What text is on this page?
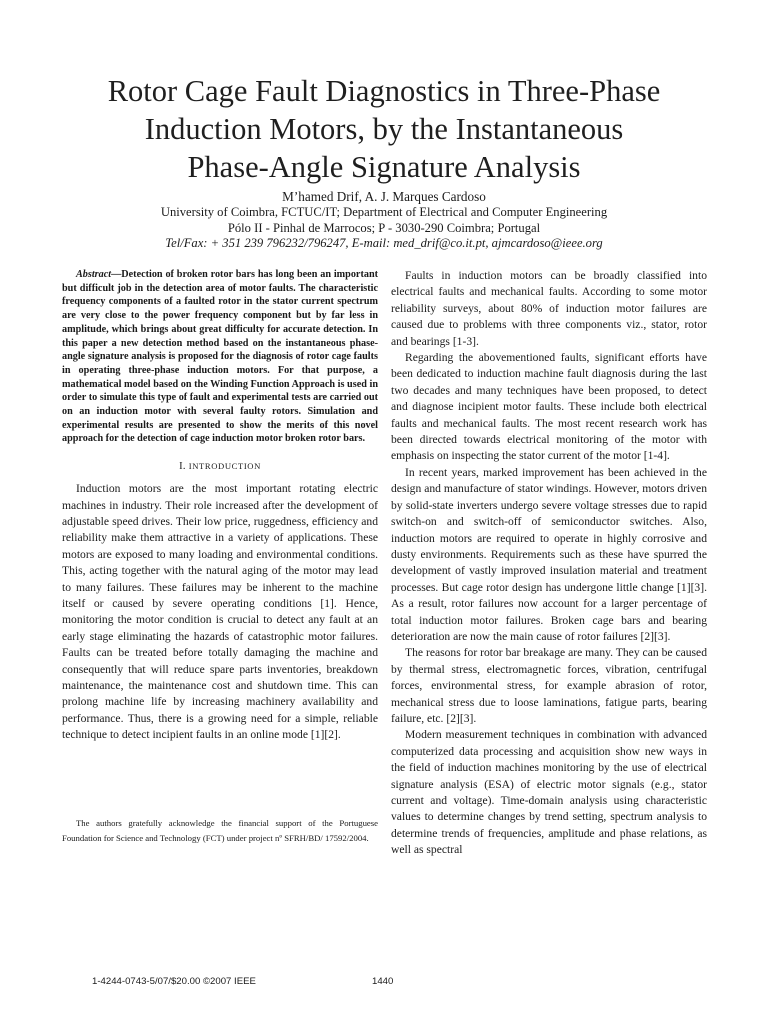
Rotor Cage Fault Diagnostics in Three-Phase
Induction Motors, by the Instantaneous
Phase-Angle Signature Analysis
M’hamed Drif, A. J. Marques Cardoso
University of Coimbra, FCTUC/IT; Department of Electrical and Computer Engineering
Pólo II - Pinhal de Marrocos; P - 3030-290 Coimbra; Portugal
Tel/Fax: + 351 239 796232/796247, E-mail: med_drif@co.it.pt, ajmcardoso@ieee.org

Abstract—Detection of broken rotor bars has long been an important but difficult job in the detection area of motor faults. The characteristic frequency components of a faulted rotor in the stator current spectrum are very close to the power frequency component but by far less in amplitude, which brings about great difficulty for accurate detection. In this paper a new detection method based on the instantaneous phase-angle signature analysis is proposed for the diagnosis of rotor cage faults in operating three-phase induction motors. For that purpose, a mathematical model based on the Winding Function Approach is used in order to simulate this type of fault and experimental tests are carried out on an induction motor with several faulty rotors. Simulation and experimental results are presented to show the merits of this novel approach for the detection of cage induction motor broken rotor bars.

I. INTRODUCTION

Induction motors are the most important rotating electric machines in industry. Their role increased after the development of adjustable speed drives. Their low price, ruggedness, efficiency and reliability make them attractive in a variety of applications. These motors are exposed to many loading and environmental conditions. This, acting together with the natural aging of the motor may lead to many failures. These failures may be inherent to the machine itself or caused by severe operating conditions [1]. Hence, monitoring the motor condition is crucial to detect any fault at an early stage eliminating the hazards of catastrophic motor failures. Faults can be treated before totally damaging the machine and consequently that will reduce spare parts inventories, breakdown maintenance, the maintenance cost and shutdown time. This can prolong machine life by increasing machinery availability and performance. Thus, there is a growing need for a simple, reliable technique to detect incipient faults in an online mode [1][2].

The authors gratefully acknowledge the financial support of the Portuguese Foundation for Science and Technology (FCT) under project nº SFRH/BD/ 17592/2004.

Faults in induction motors can be broadly classified into electrical faults and mechanical faults. According to some motor reliability surveys, about 80% of induction motor failures are caused due to problems with three components viz., stator, rotor and bearings [1-3].

Regarding the abovementioned faults, significant efforts have been dedicated to induction machine fault diagnosis during the last two decades and many techniques have been proposed, to detect and diagnose incipient motor faults. These include both electrical faults and mechanical faults. The most recent research work has been directed towards electrical monitoring of the motor with emphasis on inspecting the stator current of the motor [1-4].

In recent years, marked improvement has been achieved in the design and manufacture of stator windings. However, motors driven by solid-state inverters undergo severe voltage stresses due to rapid switch-on and switch-off of semiconductor switches. Also, induction motors are required to operate in highly corrosive and dusty environments. Requirements such as these have spurred the development of vastly improved insulation material and treatment processes. But cage rotor design has undergone little change [1][3]. As a result, rotor failures now account for a larger percentage of total induction motor failures. Broken cage bars and bearing deterioration are now the main cause of rotor failures [2][3].

The reasons for rotor bar breakage are many. They can be caused by thermal stress, electromagnetic forces, vibration, centrifugal forces, environmental stress, for example abrasion of rotor, mechanical stress due to loose laminations, fatigue parts, bearing failure, etc. [2][3].

Modern measurement techniques in combination with advanced computerized data processing and acquisition show new ways in the field of induction machines monitoring by the use of electrical signature analysis (ESA) of electric motor signals (e.g., stator current and voltage). Time-domain analysis using characteristic values to determine changes by trend setting, spectrum analysis to determine trends of frequencies, amplitude and phase relations, as well as spectral

1-4244-0743-5/07/$20.00 ©2007 IEEE	1440
